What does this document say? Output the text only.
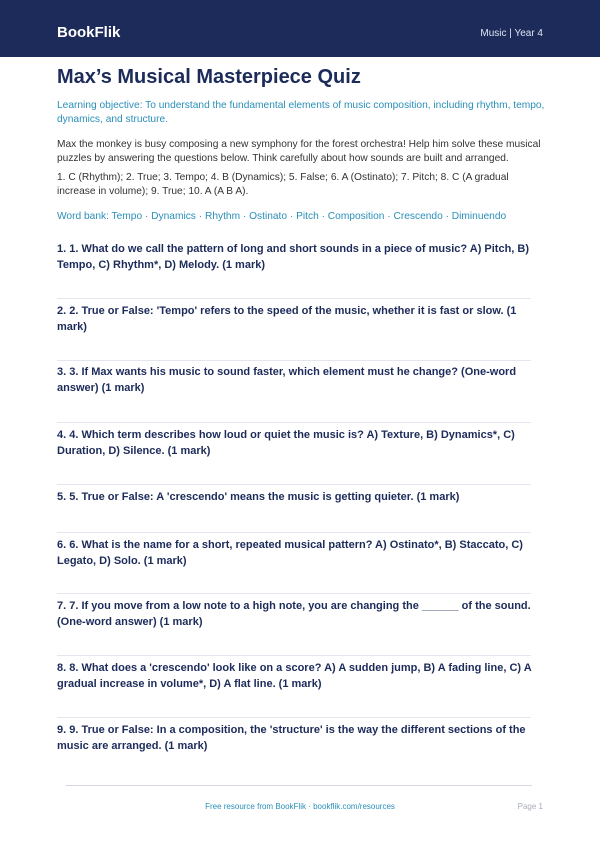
BookFlik	Music | Year 4
Max’s Musical Masterpiece Quiz
Learning objective: To understand the fundamental elements of music composition, including rhythm, tempo, dynamics, and structure.
Max the monkey is busy composing a new symphony for the forest orchestra! Help him solve these musical puzzles by answering the questions below. Think carefully about how sounds are built and arranged.
1. C (Rhythm); 2. True; 3. Tempo; 4. B (Dynamics); 5. False; 6. A (Ostinato); 7. Pitch; 8. C (A gradual increase in volume); 9. True; 10. A (A B A).
Word bank: Tempo · Dynamics · Rhythm · Ostinato · Pitch · Composition · Crescendo · Diminuendo
1. 1. What do we call the pattern of long and short sounds in a piece of music? A) Pitch, B) Tempo, C) Rhythm*, D) Melody. (1 mark)
2. 2. True or False: 'Tempo' refers to the speed of the music, whether it is fast or slow. (1 mark)
3. 3. If Max wants his music to sound faster, which element must he change? (One-word answer) (1 mark)
4. 4. Which term describes how loud or quiet the music is? A) Texture, B) Dynamics*, C) Duration, D) Silence. (1 mark)
5. 5. True or False: A 'crescendo' means the music is getting quieter. (1 mark)
6. 6. What is the name for a short, repeated musical pattern? A) Ostinato*, B) Staccato, C) Legato, D) Solo. (1 mark)
7. 7. If you move from a low note to a high note, you are changing the ______ of the sound. (One-word answer) (1 mark)
8. 8. What does a 'crescendo' look like on a score? A) A sudden jump, B) A fading line, C) A gradual increase in volume*, D) A flat line. (1 mark)
9. 9. True or False: In a composition, the 'structure' is the way the different sections of the music are arranged. (1 mark)
Free resource from BookFlik · bookflik.com/resources	Page 1
